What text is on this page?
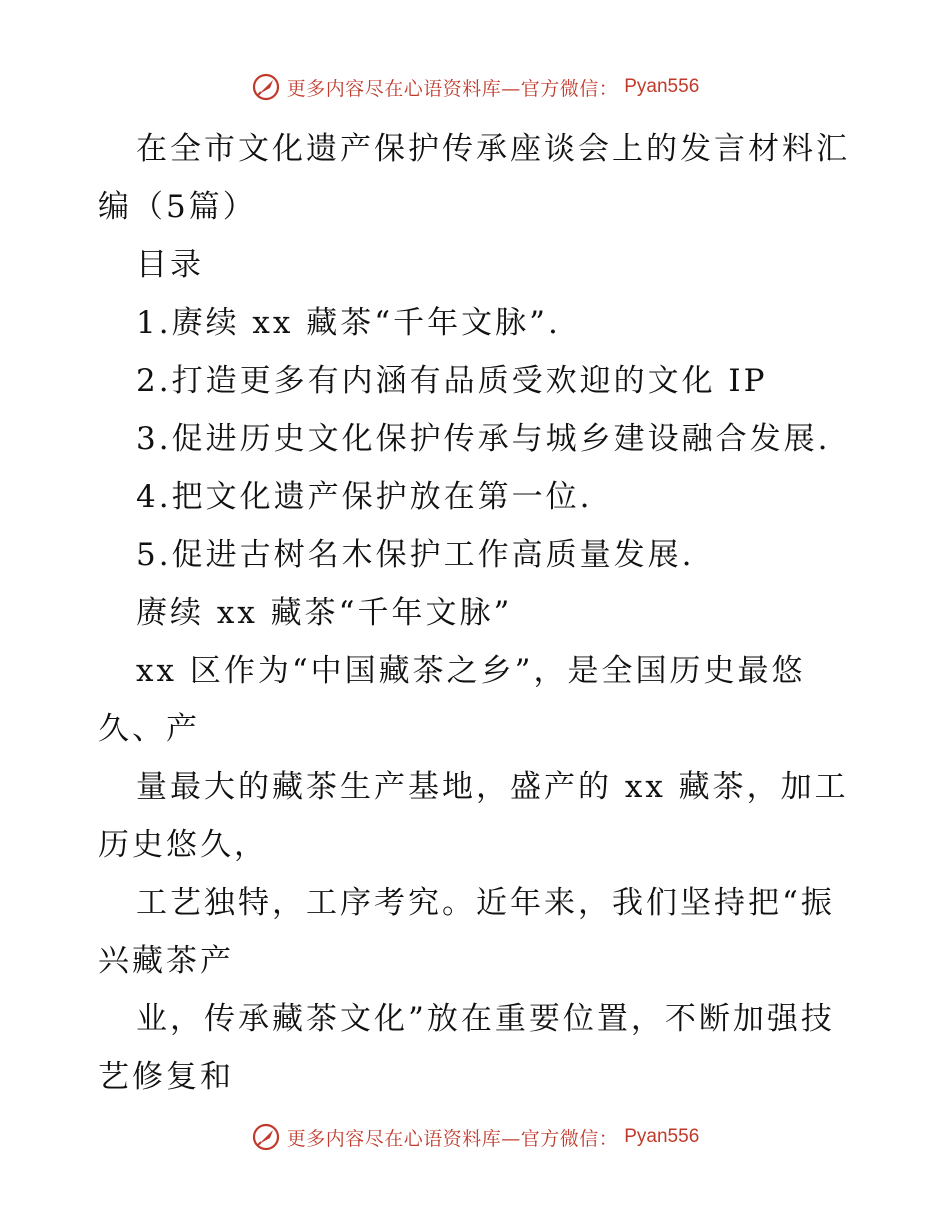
更多内容尽在心语资料库—官方微信： Pyan556
在全市文化遗产保护传承座谈会上的发言材料汇
编（5篇）
目录
1.赓续 xx 藏茶“千年文脉”.
2.打造更多有内涵有品质受欢迎的文化 IP
3.促进历史文化保护传承与城乡建设融合发展.
4.把文化遗产保护放在第一位.
5.促进古树名木保护工作高质量发展.
赓续 xx 藏茶“千年文脉”
xx 区作为“中国藏茶之乡”，是全国历史最悠
久、产
量最大的藏茶生产基地，盛产的 xx 藏茶，加工
历史悠久，
工艺独特，工序考究。近年来，我们坚持把“振
兴藏茶产
业，传承藏茶文化”放在重要位置，不断加强技
艺修复和
更多内容尽在心语资料库—官方微信： Pyan556
